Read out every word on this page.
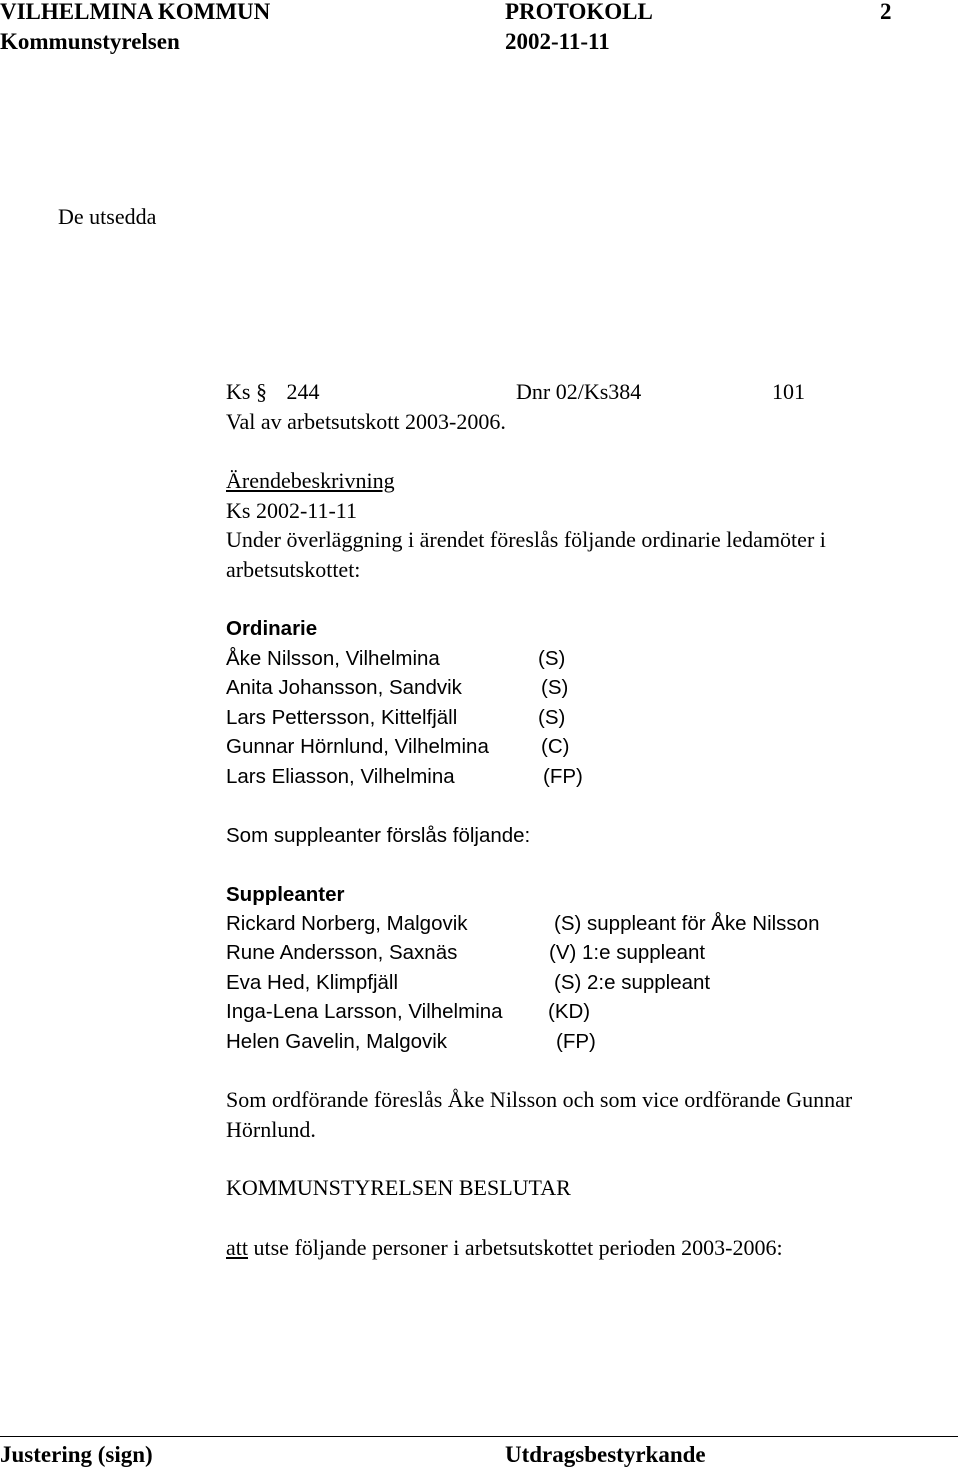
VILHELMINA KOMMUN	PROTOKOLL	2
Kommunstyrelsen	2002-11-11
De utsedda
Ks § 244	Dnr 02/Ks384	101
Val av arbetsutskott 2003-2006.
Ärendebeskrivning
Ks 2002-11-11
Under överläggning i ärendet föreslås följande ordinarie ledamöter i
arbetsutskottet:
Ordinarie
Åke Nilsson, Vilhelmina	(S)
Anita Johansson, Sandvik	(S)
Lars Pettersson, Kittelfjäll	(S)
Gunnar Hörnlund, Vilhelmina	(C)
Lars Eliasson, Vilhelmina	(FP)
Som suppleanter förslås följande:
Suppleanter
Rickard Norberg, Malgovik	(S) suppleant för Åke Nilsson
Rune Andersson, Saxnäs	(V) 1:e suppleant
Eva Hed, Klimpfjäll	(S) 2:e suppleant
Inga-Lena Larsson, Vilhelmina (KD)
Helen Gavelin, Malgovik	(FP)
Som ordförande föreslås Åke Nilsson och som vice ordförande Gunnar
Hörnlund.
KOMMUNSTYRELSEN BESLUTAR
att utse följande personer i arbetsutskottet perioden 2003-2006:
Justering (sign)	Utdragsbestyrkande
